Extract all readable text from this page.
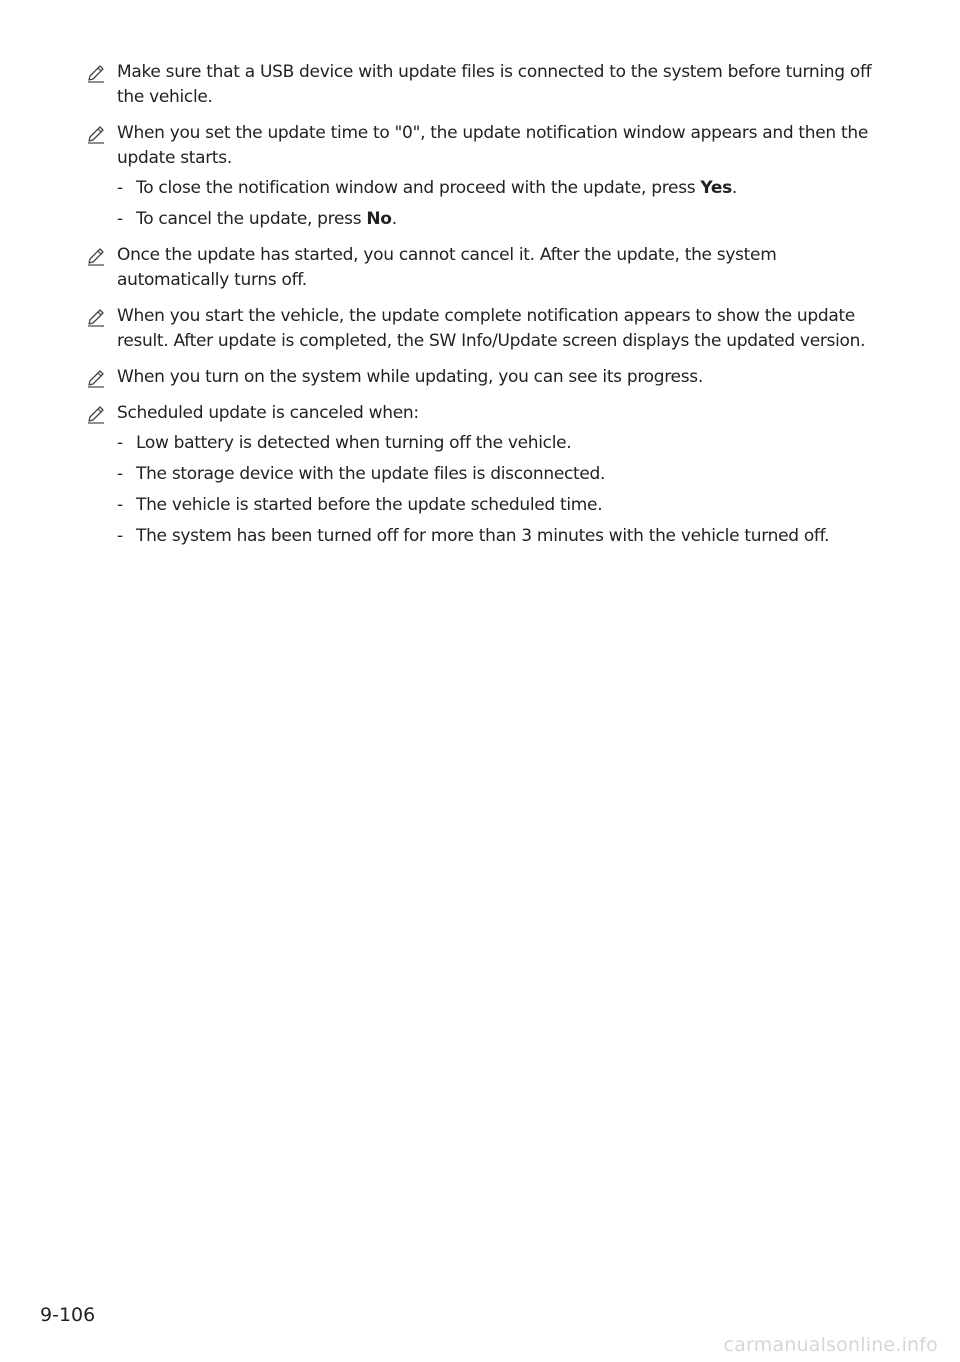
Make sure that a USB device with update files is connected to the system before turning off the vehicle.
When you set the update time to "0", the update notification window appears and then the update starts.
- To close the notification window and proceed with the update, press Yes.
- To cancel the update, press No.
Once the update has started, you cannot cancel it. After the update, the system automatically turns off.
When you start the vehicle, the update complete notification appears to show the update result. After update is completed, the SW Info/Update screen displays the updated version.
When you turn on the system while updating, you can see its progress.
Scheduled update is canceled when:
- Low battery is detected when turning off the vehicle.
- The storage device with the update files is disconnected.
- The vehicle is started before the update scheduled time.
- The system has been turned off for more than 3 minutes with the vehicle turned off.
9-106
carmanualsonline.info
